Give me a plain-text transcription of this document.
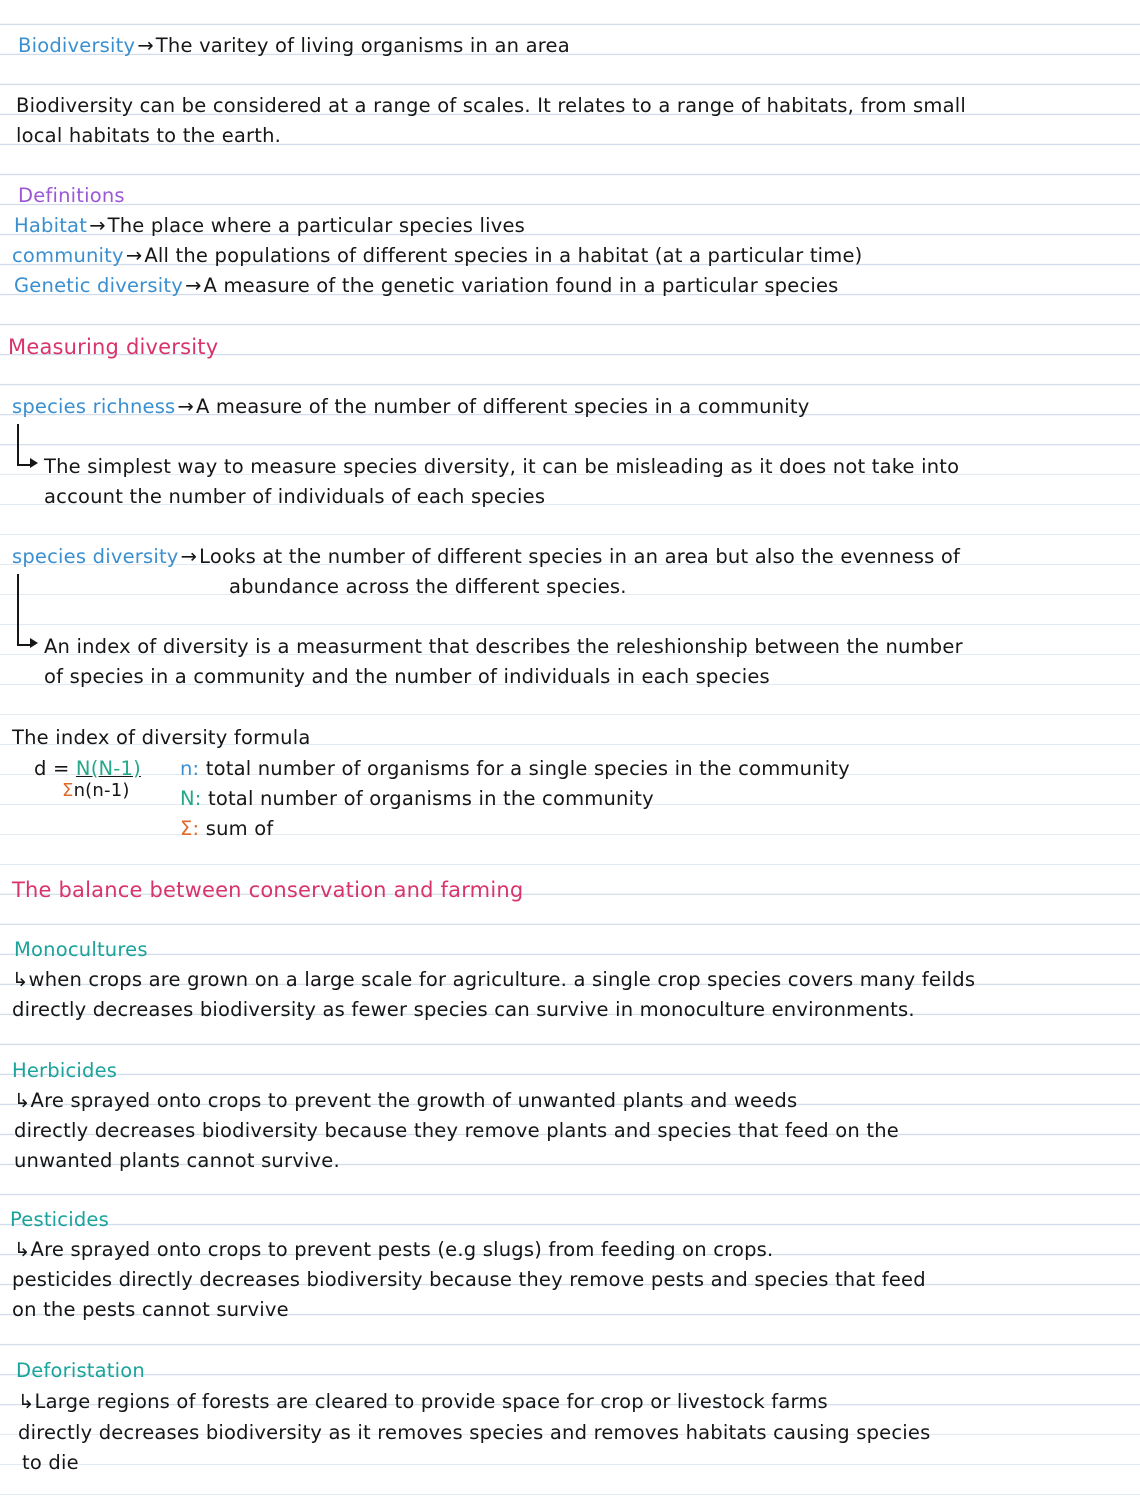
Biodiversity → The varitey of living organisms in an area
Biodiversity can be considered at a range of scales. It relates to a range of habitats, from small
local habitats to the earth.
Definitions
Habitat → The place where a particular species lives
community → All the populations of different species in a habitat (at a particular time)
Genetic diversity → A measure of the genetic variation found in a particular species
Measuring diversity
species richness → A measure of the number of different species in a community
The simplest way to measure species diversity, it can be misleading as it does not take into
account the number of individuals of each species
species diversity → Looks at the number of different species in an area but also the evenness of
abundance across the different species.
An index of diversity is a measurment that describes the releshionship between the number
of species in a community and the number of individuals in each species
The index of diversity formula
d = N(N-1)
Σn(n-1)
n: total number of organisms for a single species in the community
N: total number of organisms in the community
Σ: sum of
The balance between conservation and farming
Monocultures
↳when crops are grown on a large scale for agriculture. a single crop species covers many feilds
directly decreases biodiversity as fewer species can survive in monoculture environments.
Herbicides
↳Are sprayed onto crops to prevent the growth of unwanted plants and weeds
directly decreases biodiversity because they remove plants and species that feed on the
unwanted plants cannot survive.
Pesticides
↳Are sprayed onto crops to prevent pests (e.g slugs) from feeding on crops.
pesticides directly decreases biodiversity because they remove pests and species that feed
on the pests cannot survive
Deforistation
↳Large regions of forests are cleared to provide space for crop or livestock farms
directly decreases biodiversity as it removes species and removes habitats causing species
to die
